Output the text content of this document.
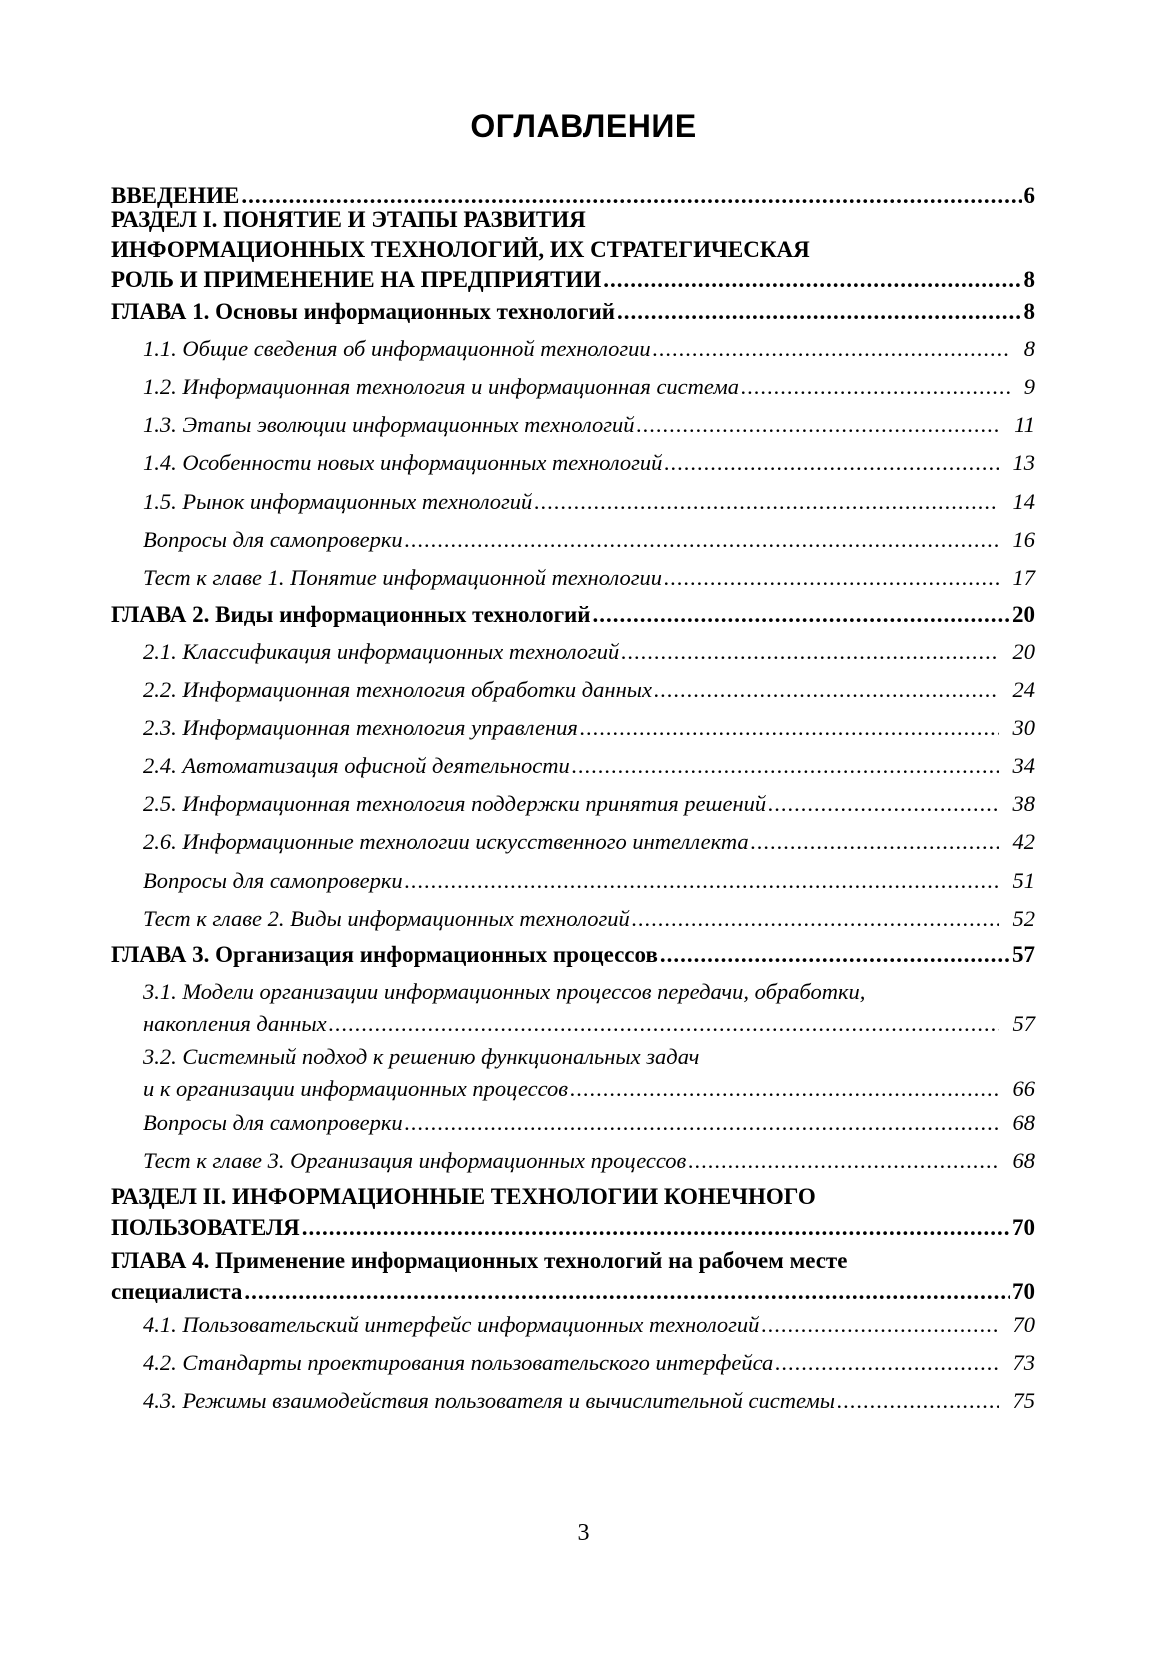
ОГЛАВЛЕНИЕ
ВВЕДЕНИЕ .....	6
РАЗДЕЛ I. ПОНЯТИЕ И ЭТАПЫ РАЗВИТИЯ
ИНФОРМАЦИОННЫХ ТЕХНОЛОГИЙ, ИХ СТРАТЕГИЧЕСКАЯ
РОЛЬ И ПРИМЕНЕНИЕ НА ПРЕДПРИЯТИИ .....	8
ГЛАВА 1. Основы информационных технологий .....	8
1.1. Общие сведения об информационной технологии .....	8
1.2. Информационная технология и информационная система .....	9
1.3. Этапы эволюции информационных технологий .....	11
1.4. Особенности новых информационных технологий .....	13
1.5. Рынок информационных технологий .....	14
Вопросы для самопроверки .....	16
Тест к главе 1. Понятие информационной технологии .....	17
ГЛАВА 2. Виды информационных технологий .....	20
2.1. Классификация информационных технологий .....	20
2.2. Информационная технология обработки данных .....	24
2.3. Информационная технология управления .....	30
2.4. Автоматизация офисной деятельности .....	34
2.5. Информационная технология поддержки принятия решений .....	38
2.6. Информационные технологии искусственного интеллекта .....	42
Вопросы для самопроверки .....	51
Тест к главе 2. Виды информационных технологий .....	52
ГЛАВА 3. Организация информационных процессов .....	57
3.1. Модели организации информационных процессов передачи, обработки,
накопления данных .....	57
3.2. Системный подход к решению функциональных задач
и к организации информационных процессов .....	66
Вопросы для самопроверки .....	68
Тест к главе 3. Организация информационных процессов .....	68
РАЗДЕЛ II. ИНФОРМАЦИОННЫЕ ТЕХНОЛОГИИ КОНЕЧНОГО
ПОЛЬЗОВАТЕЛЯ .....	70
ГЛАВА 4. Применение информационных технологий на рабочем месте
специалиста .....	70
4.1. Пользовательский интерфейс информационных технологий .....	70
4.2. Стандарты проектирования пользовательского интерфейса .....	73
4.3. Режимы взаимодействия пользователя и вычислительной системы .....	75
3
